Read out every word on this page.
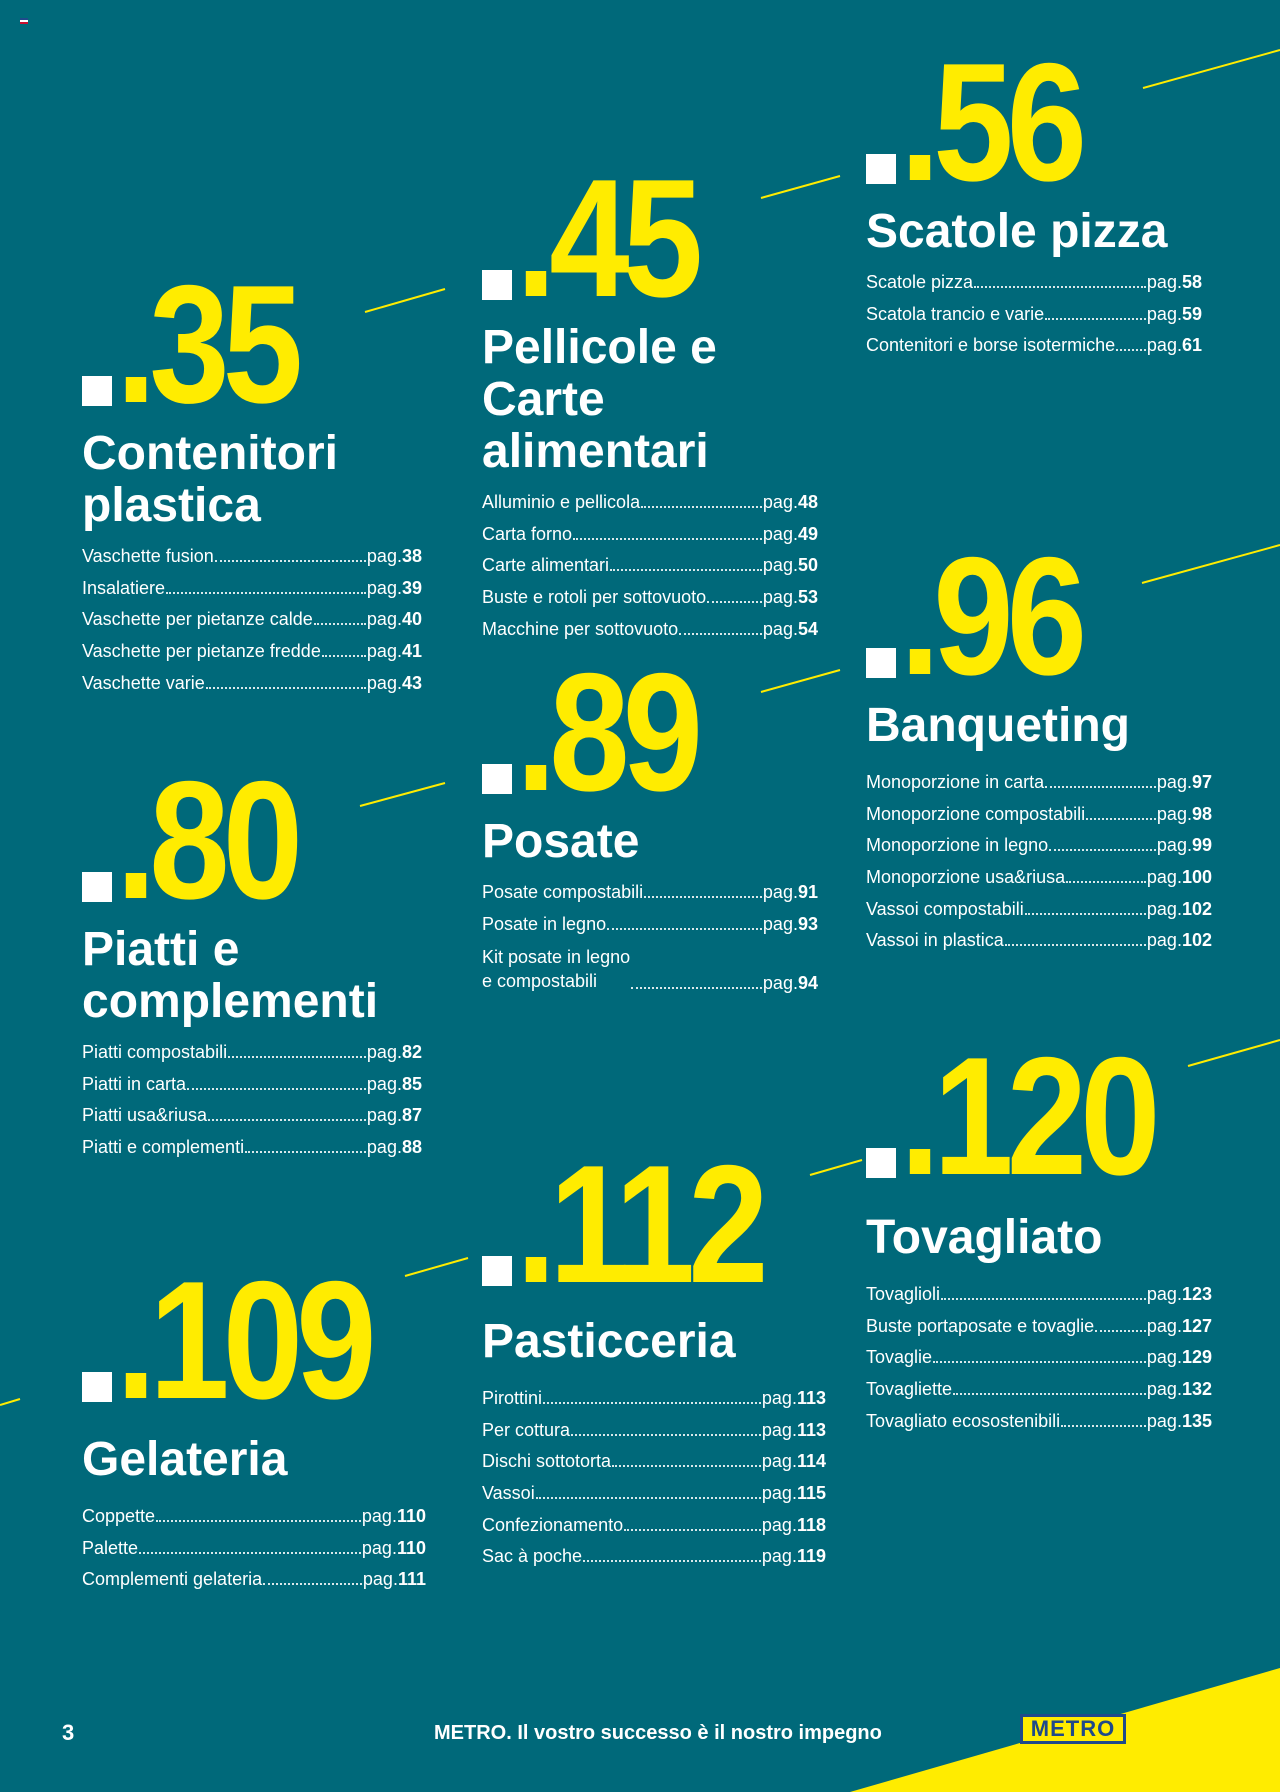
.35
Contenitori
plastica
Vaschette fusion	pag. 38
Insalatiere	pag. 39
Vaschette per pietanze calde	pag. 40
Vaschette per pietanze fredde	pag. 41
Vaschette varie	pag. 43
.45
Pellicole e
Carte alimentari
Alluminio e pellicola	pag. 48
Carta forno	pag. 49
Carte alimentari	pag. 50
Buste e rotoli per sottovuoto	pag. 53
Macchine per sottovuoto	pag. 54
.56
Scatole pizza
Scatole pizza	pag. 58
Scatola trancio e varie	pag. 59
Contenitori e borse isotermiche pag. 61
.80
Piatti e
complementi
Piatti compostabili	pag. 82
Piatti in carta	pag. 85
Piatti usa&riusa	pag. 87
Piatti e complementi	pag. 88
.89
Posate
Posate compostabili	pag. 91
Posate in legno	pag. 93
Kit posate in legno
e compostabili	pag. 94
.96
Banqueting
Monoporzione in carta	pag. 97
Monoporzione compostabili	pag. 98
Monoporzione in legno	pag. 99
Monoporzione usa&riusa	pag. 100
Vassoi compostabili	pag. 102
Vassoi in plastica	pag. 102
.109
Gelateria
Coppette	pag. 110
Palette	pag. 110
Complementi gelateria	pag. 111
.112
Pasticceria
Pirottini	pag. 113
Per cottura	pag. 113
Dischi sottotorta	pag. 114
Vassoi	pag. 115
Confezionamento	pag. 118
Sac à poche	pag. 119
.120
Tovagliato
Tovaglioli	pag. 123
Buste portaposate e tovaglie	pag. 127
Tovaglie	pag. 129
Tovagliette	pag. 132
Tovagliato ecosostenibili	pag. 135
3	METRO. Il vostro successo è il nostro impegno	METRO
